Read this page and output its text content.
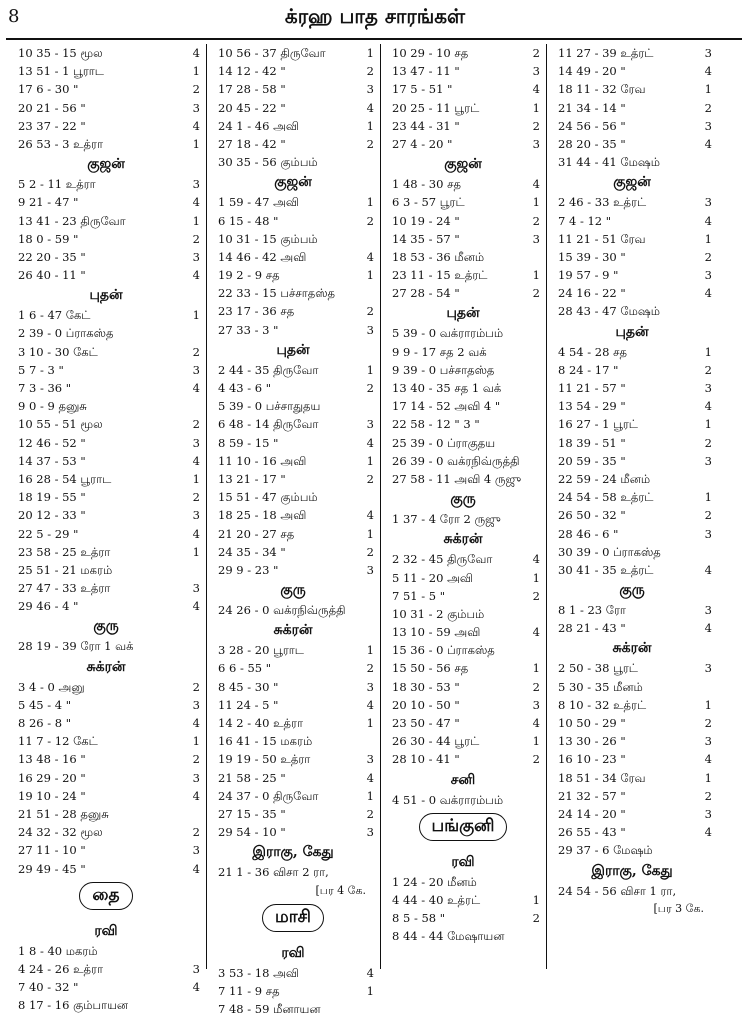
8	க்ரஹ பாத சாரங்கள்
10 35 - 15 மூல	4
13 51 - 1 பூராட	1
17 6 - 30 "	2
20 21 - 56 "	3
23 37 - 22 "	4
26 53 - 3 உத்ரா	1
குஜன்
5 2 - 11 உத்ரா	3
9 21 - 47 "	4
13 41 - 23 திருவோ	1
18 0 - 59 "	2
22 20 - 35 "	3
26 40 - 11 "	4
புதன்
1 6 - 47 கேட்	1
2 39 - 0 ப்ராகஸ்த
3 10 - 30 கேட்	2
5 7 - 3 "	3
7 3 - 36 "	4
9 0 - 9 தனுசு
10 55 - 51 மூல	2
12 46 - 52 "	3
14 37 - 53 "	4
16 28 - 54 பூராட	1
18 19 - 55 "	2
20 12 - 33 "	3
22 5 - 29 "	4
23 58 - 25 உத்ரா	1
25 51 - 21 மகரம்
27 47 - 33 உத்ரா	3
29 46 - 4 "	4
குரு
28 19 - 39 ரோ 1 வக்
சுக்ரன்
3 4 - 0 அனு	2
5 45 - 4 "	3
8 26 - 8 "	4
11 7 - 12 கேட்	1
13 48 - 16 "	2
16 29 - 20 "	3
19 10 - 24 "	4
21 51 - 28 தனுசு
24 32 - 32 மூல	2
27 11 - 10 "	3
29 49 - 45 "	4
தை
ரவி
1 8 - 40 மகரம்
4 24 - 26 உத்ரா	3
7 40 - 32 "	4
8 17 - 16 கும்பாயன
10 56 - 37 திருவோ	1
14 12 - 42 "	2
17 28 - 58 "	3
20 45 - 22 "	4
24 1 - 46 அவி	1
27 18 - 42 "	2
30 35 - 56 கும்பம்
குஜன்
1 59 - 47 அவி	1
6 15 - 48 "	2
10 31 - 15 கும்பம்
14 46 - 42 அவி	4
19 2 - 9 சத	1
22 33 - 15 பச்சாதஸ்த
23 17 - 36 சத	2
27 33 - 3 "	3
புதன்
2 44 - 35 திருவோ	1
4 43 - 6 "	2
5 39 - 0 பச்சாதுதய
6 48 - 14 திருவோ	3
8 59 - 15 "	4
11 10 - 16 அவி	1
13 21 - 17 "	2
15 51 - 47 கும்பம்
18 25 - 18 அவி	4
21 20 - 27 சத	1
24 35 - 34 "	2
29 9 - 23 "	3
குரு
24 26 - 0 வக்ரநிவ்ருத்தி
சுக்ரன்
3 28 - 20 பூராட	1
6 6 - 55 "	2
8 45 - 30 "	3
11 24 - 5 "	4
14 2 - 40 உத்ரா	1
16 41 - 15 மகரம்
19 19 - 50 உத்ரா	3
21 58 - 25 "	4
24 37 - 0 திருவோ	1
27 15 - 35 "	2
29 54 - 10 "	3
இராகு, கேது
21 1 - 36 விசா 2 ரா,
[பர 4 கே.
மாசி
ரவி
3 53 - 18 அவி	4
7 11 - 9 சத	1
7 48 - 59 மீனாயன
10 29 - 10 சத	2
13 47 - 11 "	3
17 5 - 51 "	4
20 25 - 11 பூரட்	1
23 44 - 31 "	2
27 4 - 20 "	3
குஜன்
1 48 - 30 சத	4
6 3 - 57 பூரட்	1
10 19 - 24 "	2
14 35 - 57 "	3
18 53 - 36 மீனம்
23 11 - 15 உத்ரட்	1
27 28 - 54 "	2
புதன்
5 39 - 0 வக்ராரம்பம்
9 9 - 17 சத 2 வக்
9 39 - 0 பச்சாதஸ்த
13 40 - 35 சத 1 வக்
17 14 - 52 அவி 4 "
22 58 - 12 " 3 "
25 39 - 0 ப்ராகுதய
26 39 - 0 வக்ரநிவ்ருத்தி
27 58 - 11 அவி 4 ருஜு
குரு
1 37 - 4 ரோ 2 ருஜு
சுக்ரன்
2 32 - 45 திருவோ	4
5 11 - 20 அவி	1
7 51 - 5 "	2
10 31 - 2 கும்பம்
13 10 - 59 அவி	4
15 36 - 0 ப்ராகஸ்த
15 50 - 56 சத	1
18 30 - 53 "	2
20 10 - 50 "	3
23 50 - 47 "	4
26 30 - 44 பூரட்	1
28 10 - 41 "	2
சனி
4 51 - 0 வக்ராரம்பம்
பங்குனி
ரவி
1 24 - 20 மீனம்
4 44 - 40 உத்ரட்	1
8 5 - 58 "	2
8 44 - 44 மேஷாயன
11 27 - 39 உத்ரட்	3
14 49 - 20 "	4
18 11 - 32 ரேவ	1
21 34 - 14 "	2
24 56 - 56 "	3
28 20 - 35 "	4
31 44 - 41 மேஷம்
குஜன்
2 46 - 33 உத்ரட்	3
7 4 - 12 "	4
11 21 - 51 ரேவ	1
15 39 - 30 "	2
19 57 - 9 "	3
24 16 - 22 "	4
28 43 - 47 மேஷம்
புதன்
4 54 - 28 சத	1
8 24 - 17 "	2
11 21 - 57 "	3
13 54 - 29 "	4
16 27 - 1 பூரட்	1
18 39 - 51 "	2
20 59 - 35 "	3
22 59 - 24 மீனம்
24 54 - 58 உத்ரட்	1
26 50 - 32 "	2
28 46 - 6 "	3
30 39 - 0 ப்ராகஸ்த
30 41 - 35 உத்ரட்	4
குரு
8 1 - 23 ரோ	3
28 21 - 43 "	4
சுக்ரன்
2 50 - 38 பூரட்	3
5 30 - 35 மீனம்
8 10 - 32 உத்ரட்	1
10 50 - 29 "	2
13 30 - 26 "	3
16 10 - 23 "	4
18 51 - 34 ரேவ	1
21 32 - 57 "	2
24 14 - 20 "	3
26 55 - 43 "	4
29 37 - 6 மேஷம்
இராகு, கேது
24 54 - 56 விசா 1 ரா,
[பர 3 கே.
